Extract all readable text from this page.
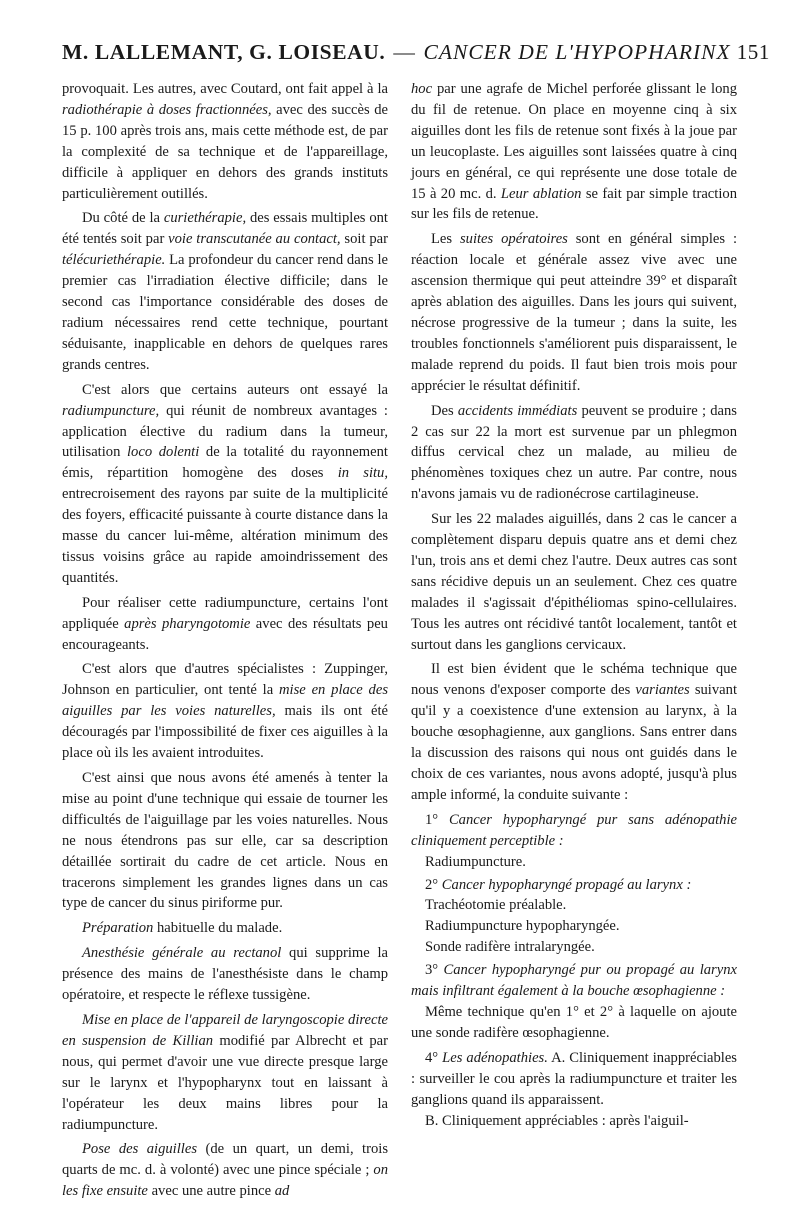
M. LALLEMANT, G. LOISEAU. — CANCER DE L'HYPOPHARINX 151

provoquait. Les autres, avec Coutard, ont fait appel à la radiothérapie à doses fractionnées, avec des succès de 15 p. 100 après trois ans, mais cette méthode est, de par la complexité de sa technique et de l'appareillage, difficile à appliquer en dehors des grands instituts particulièrement outillés.

Du côté de la curiethérapie, des essais multiples ont été tentés soit par voie transcutanée au contact, soit par télécuriethérapie. La profondeur du cancer rend dans le premier cas l'irradiation élective difficile; dans le second cas l'importance considérable des doses de radium nécessaires rend cette technique, pourtant séduisante, inapplicable en dehors de quelques rares grands centres.

C'est alors que certains auteurs ont essayé la radiumpuncture, qui réunit de nombreux avantages : application élective du radium dans la tumeur, utilisation loco dolenti de la totalité du rayonnement émis, répartition homogène des doses in situ, entrecroisement des rayons par suite de la multiplicité des foyers, efficacité puissante à courte distance dans la masse du cancer lui-même, altération minimum des tissus voisins grâce au rapide amoindrissement des quantités.

Pour réaliser cette radiumpuncture, certains l'ont appliquée après pharyngotomie avec des résultats peu encourageants.

C'est alors que d'autres spécialistes : Zuppinger, Johnson en particulier, ont tenté la mise en place des aiguilles par les voies naturelles, mais ils ont été découragés par l'impossibilité de fixer ces aiguilles à la place où ils les avaient introduites.

C'est ainsi que nous avons été amenés à tenter la mise au point d'une technique qui essaie de tourner les difficultés de l'aiguillage par les voies naturelles. Nous ne nous étendrons pas sur elle, car sa description détaillée sortirait du cadre de cet article. Nous en tracerons simplement les grandes lignes dans un cas type de cancer du sinus piriforme pur.

Préparation habituelle du malade.

Anesthésie générale au rectanol qui supprime la présence des mains de l'anesthésiste dans le champ opératoire, et respecte le réflexe tussigène.

Mise en place de l'appareil de laryngoscopie directe en suspension de Killian modifié par Albrecht et par nous, qui permet d'avoir une vue directe presque large sur le larynx et l'hypopharynx tout en laissant à l'opérateur les deux mains libres pour la radiumpuncture.

Pose des aiguilles (de un quart, un demi, trois quarts de mc. d. à volonté) avec une pince spéciale ; on les fixe ensuite avec une autre pince ad

hoc par une agrafe de Michel perforée glissant le long du fil de retenue. On place en moyenne cinq à six aiguilles dont les fils de retenue sont fixés à la joue par un leucoplaste. Les aiguilles sont laissées quatre à cinq jours en général, ce qui représente une dose totale de 15 à 20 mc. d. Leur ablation se fait par simple traction sur les fils de retenue.

Les suites opératoires sont en général simples : réaction locale et générale assez vive avec une ascension thermique qui peut atteindre 39° et disparaît après ablation des aiguilles. Dans les jours qui suivent, nécrose progressive de la tumeur ; dans la suite, les troubles fonctionnels s'améliorent puis disparaissent, le malade reprend du poids. Il faut bien trois mois pour apprécier le résultat définitif.

Des accidents immédiats peuvent se produire ; dans 2 cas sur 22 la mort est survenue par un phlegmon diffus cervical chez un malade, au milieu de phénomènes toxiques chez un autre. Par contre, nous n'avons jamais vu de radionécrose cartilagineuse.

Sur les 22 malades aiguillés, dans 2 cas le cancer a complètement disparu depuis quatre ans et demi chez l'un, trois ans et demi chez l'autre. Deux autres cas sont sans récidive depuis un an seulement. Chez ces quatre malades il s'agissait d'épithéliomas spino-cellulaires. Tous les autres ont récidivé tantôt localement, tantôt et surtout dans les ganglions cervicaux.

Il est bien évident que le schéma technique que nous venons d'exposer comporte des variantes suivant qu'il y a coexistence d'une extension au larynx, à la bouche œsophagienne, aux ganglions. Sans entrer dans la discussion des raisons qui nous ont guidés dans le choix de ces variantes, nous avons adopté, jusqu'à plus ample informé, la conduite suivante :

1° Cancer hypopharyngé pur sans adénopathie cliniquement perceptible :

Radiumpuncture.

2° Cancer hypopharyngé propagé au larynx :

Trachéotomie préalable.

Radiumpuncture hypopharyngée.

Sonde radifère intralaryngée.

3° Cancer hypopharyngé pur ou propagé au larynx mais infiltrant également à la bouche œsophagienne :

Même technique qu'en 1° et 2° à laquelle on ajoute une sonde radifère œsophagienne.

4° Les adénopathies. A. Cliniquement inappréciables : surveiller le cou après la radiumpuncture et traiter les ganglions quand ils apparaissent.

B. Cliniquement appréciables : après l'aiguil-
